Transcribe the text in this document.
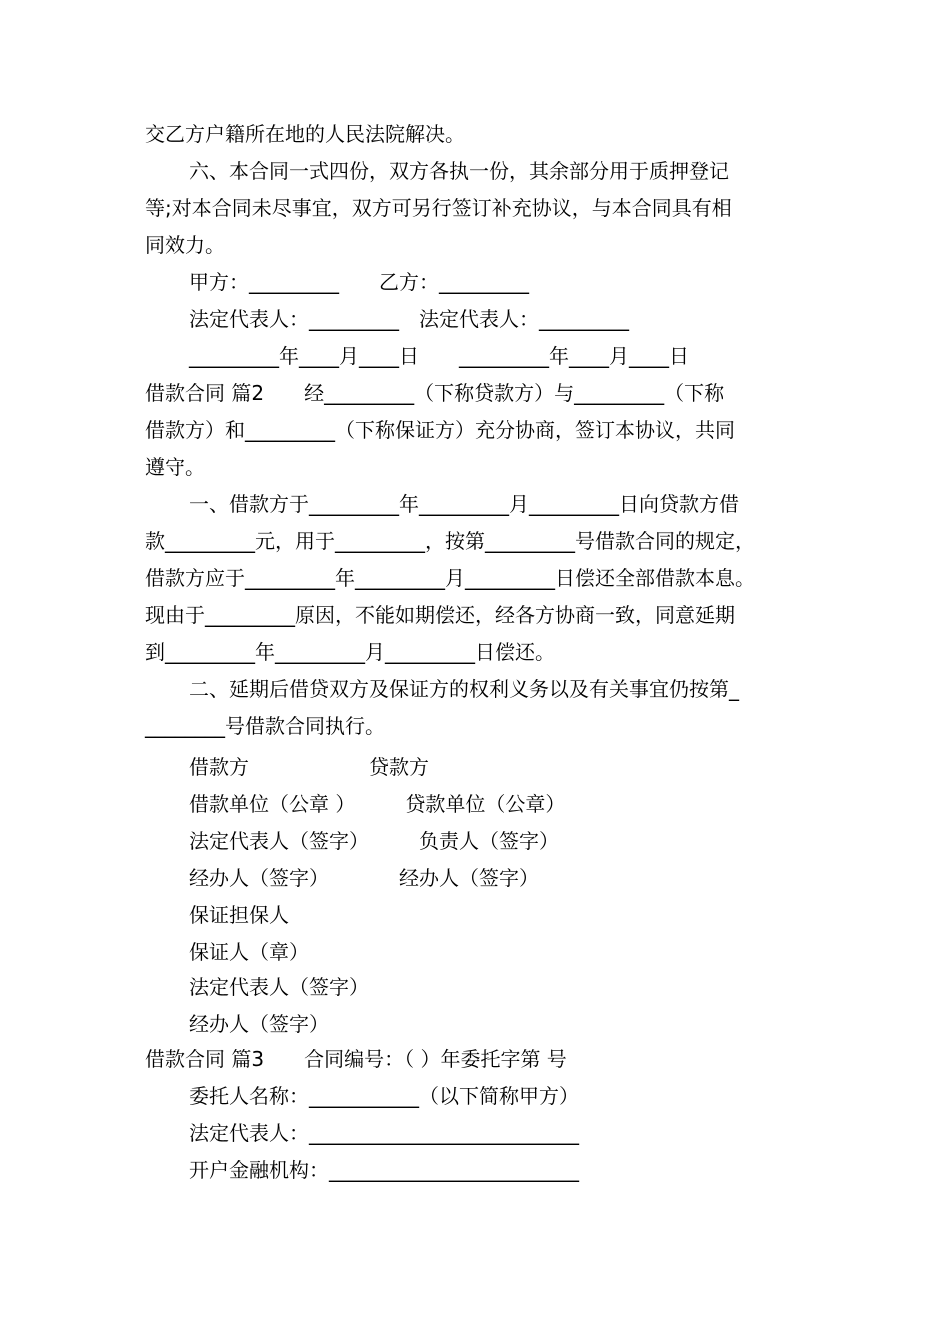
交乙方户籍所在地的人民法院解决。
六、本合同一式四份，双方各执一份，其余部分用于质押登记
等;对本合同未尽事宜，双方可另行签订补充协议，与本合同具有相
同效力。
甲方：_________　　乙方：_________
法定代表人：_________　法定代表人：_________
_________年____月____日　　_________年____月____日
借款合同 篇2　　经_________（下称贷款方）与_________（下称
借款方）和_________（下称保证方）充分协商，签订本协议，共同
遵守。
一、借款方于_________年_________月_________日向贷款方借
款_________元，用于_________，按第_________号借款合同的规定，
借款方应于_________年_________月_________日偿还全部借款本息。
现由于_________原因，不能如期偿还，经各方协商一致，同意延期
到_________年_________月_________日偿还。
二、延期后借贷双方及保证方的权利义务以及有关事宜仍按第_
________号借款合同执行。
借款方　　　　　　贷款方
借款单位（公章 ）　　　贷款单位（公章）
法定代表人（签字）　　　负责人（签字）
经办人（签字）　　　　经办人（签字）
保证担保人
保证人（章）
法定代表人（签字）
经办人（签字）
借款合同 篇3　　合同编号：（ ）年委托字第 号
委托人名称：___________（以下简称甲方）
法定代表人：___________________________
开户金融机构：_________________________
